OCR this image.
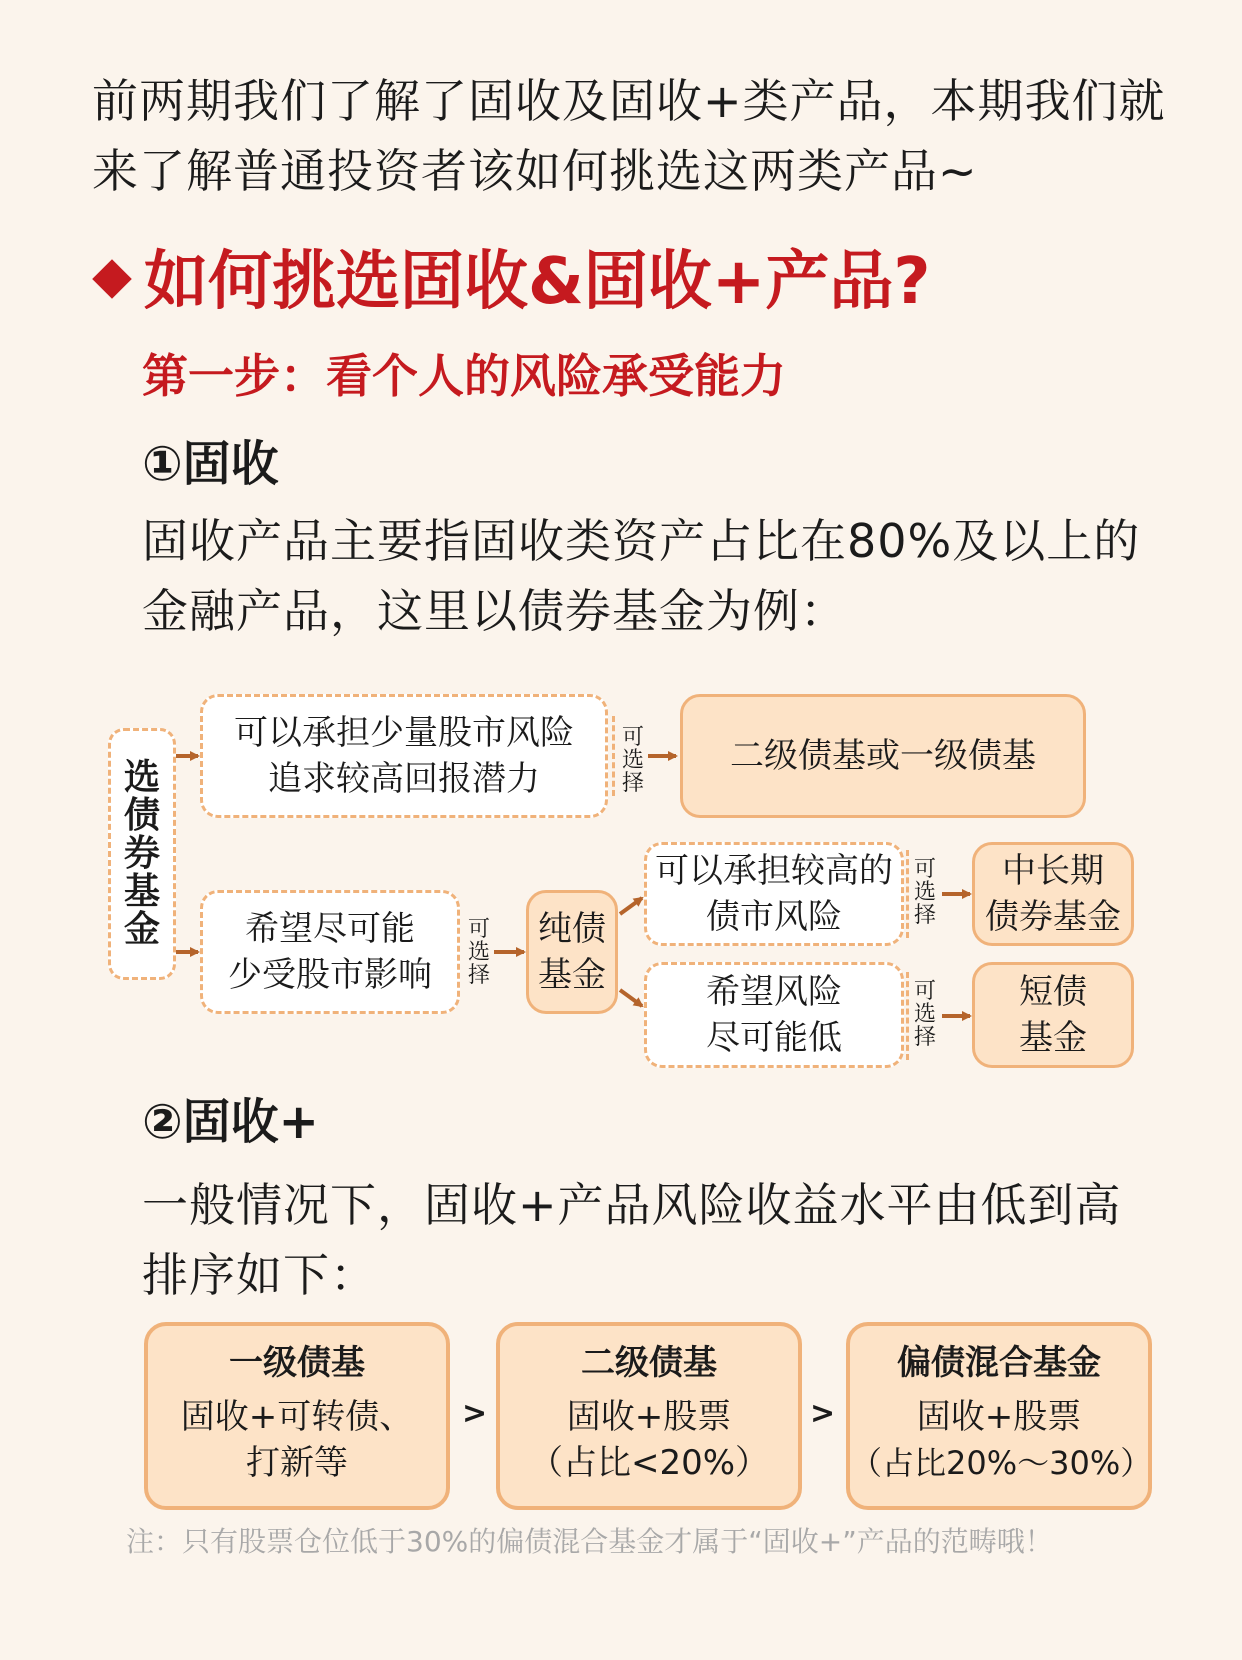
前两期我们了解了固收及固收+类产品，本期我们就来了解普通投资者该如何挑选这两类产品~
如何挑选固收&固收+产品?
第一步：看个人的风险承受能力
①固收
固收产品主要指固收类资产占比在80%及以上的金融产品，这里以债券基金为例：
选债券基金
可以承担少量股市风险
追求较高回报潜力
可选择
二级债基或一级债基
希望尽可能
少受股市影响
可选择
纯债
基金
可以承担较高的
债市风险
可选择
中长期
债券基金
希望风险
尽可能低
可选择
短债
基金
②固收+
一般情况下，固收+产品风险收益水平由低到高排序如下：
一级债基
固收+可转债、
打新等
>
二级债基
固收+股票
（占比<20%）
>
偏债混合基金
固收+股票
（占比20%～30%）
注：只有股票仓位低于30%的偏债混合基金才属于“固收+”产品的范畴哦！
